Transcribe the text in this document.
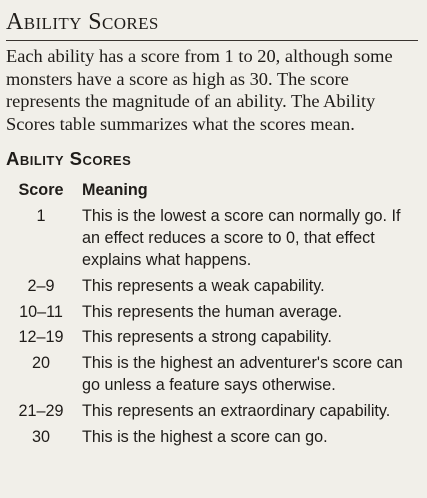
Ability Scores
Each ability has a score from 1 to 20, although some monsters have a score as high as 30. The score represents the magnitude of an ability. The Ability Scores table summarizes what the scores mean.
Ability Scores
Score	Meaning
1	This is the lowest a score can normally go. If an effect reduces a score to 0, that effect explains what happens.
2–9	This represents a weak capability.
10–11	This represents the human average.
12–19	This represents a strong capability.
20	This is the highest an adventurer's score can go unless a feature says otherwise.
21–29	This represents an extraordinary capability.
30	This is the highest a score can go.
